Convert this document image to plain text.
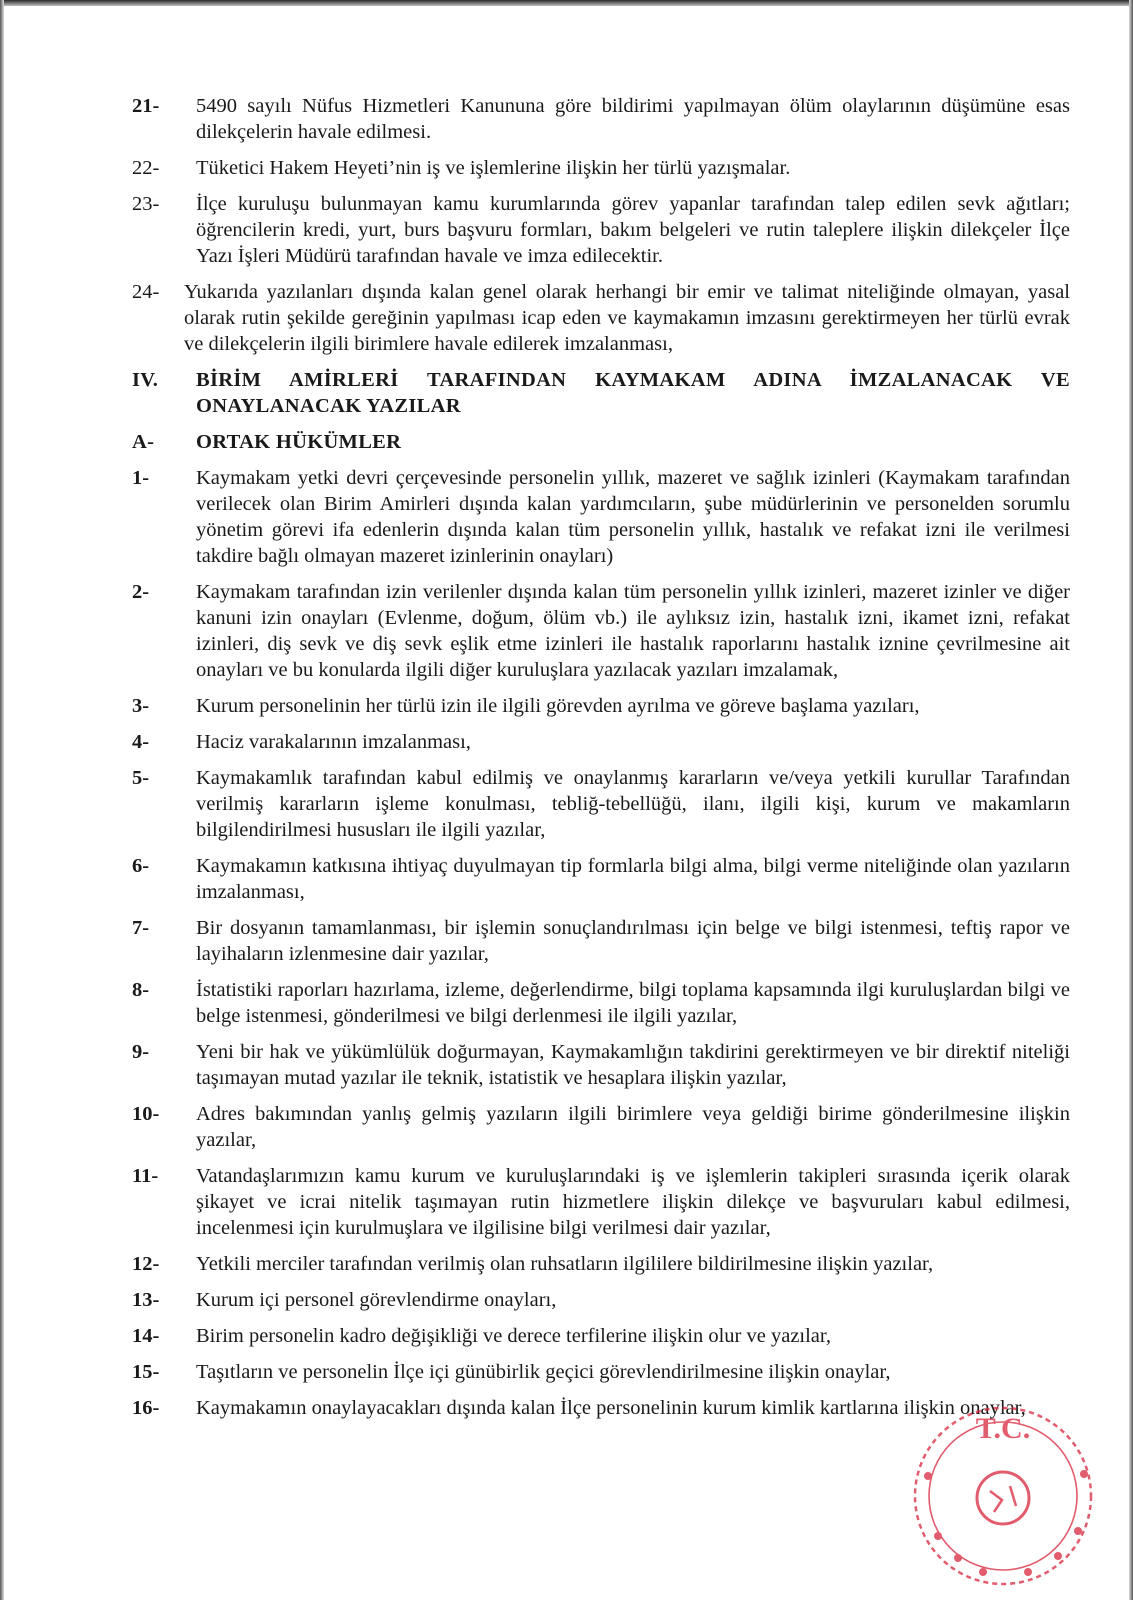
21-	5490 sayılı Nüfus Hizmetleri Kanununa göre bildirimi yapılmayan ölüm olaylarının düşümüne esas dilekçelerin havale edilmesi.
22-	Tüketici Hakem Heyeti’nin iş ve işlemlerine ilişkin her türlü yazışmalar.
23-	İlçe kuruluşu bulunmayan kamu kurumlarında görev yapanlar tarafından talep edilen sevk ağıtları; öğrencilerin kredi, yurt, burs başvuru formları, bakım belgeleri ve rutin taleplere ilişkin dilekçeler İlçe Yazı İşleri Müdürü tarafından havale ve imza edilecektir.
24-	Yukarıda yazılanları dışında kalan genel olarak herhangi bir emir ve talimat niteliğinde olmayan, yasal olarak rutin şekilde gereğinin yapılması icap eden ve kaymakamın imzasını gerektirmeyen her türlü evrak ve dilekçelerin ilgili birimlere havale edilerek imzalanması,
IV.	BİRİM AMİRLERİ TARAFINDAN KAYMAKAM ADINA İMZALANACAK VE ONAYLANACAK YAZILAR
A-	ORTAK HÜKÜMLER
1-	Kaymakam yetki devri çerçevesinde personelin yıllık, mazeret ve sağlık izinleri (Kaymakam tarafından verilecek olan Birim Amirleri dışında kalan yardımcıların, şube müdürlerinin ve personelden sorumlu yönetim görevi ifa edenlerin dışında kalan tüm personelin yıllık, hastalık ve refakat izni ile verilmesi takdire bağlı olmayan mazeret izinlerinin onayları)
2-	Kaymakam tarafından izin verilenler dışında kalan tüm personelin yıllık izinleri, mazeret izinler ve diğer kanuni izin onayları (Evlenme, doğum, ölüm vb.) ile aylıksız izin, hastalık izni, ikamet izni, refakat izinleri, diş sevk ve diş sevk eşlik etme izinleri ile hastalık raporlarını hastalık iznine çevrilmesine ait onayları ve bu konularda ilgili diğer kuruluşlara yazılacak yazıları imzalamak,
3-	Kurum personelinin her türlü izin ile ilgili görevden ayrılma ve göreve başlama yazıları,
4-	Haciz varakalarının imzalanması,
5-	Kaymakamlık tarafından kabul edilmiş ve onaylanmış kararların ve/veya yetkili kurullar Tarafından verilmiş kararların işleme konulması, tebliğ-tebellüğü, ilanı, ilgili kişi, kurum ve makamların bilgilendirilmesi hususları ile ilgili yazılar,
6-	Kaymakamın katkısına ihtiyaç duyulmayan tip formlarla bilgi alma, bilgi verme niteliğinde olan yazıların imzalanması,
7-	Bir dosyanın tamamlanması, bir işlemin sonuçlandırılması için belge ve bilgi istenmesi, teftiş rapor ve layihaların izlenmesine dair yazılar,
8-	İstatistiki raporları hazırlama, izleme, değerlendirme, bilgi toplama kapsamında ilgi kuruluşlardan bilgi ve belge istenmesi, gönderilmesi ve bilgi derlenmesi ile ilgili yazılar,
9-	Yeni bir hak ve yükümlülük doğurmayan, Kaymakamlığın takdirini gerektirmeyen ve bir direktif niteliği taşımayan mutad yazılar ile teknik, istatistik ve hesaplara ilişkin yazılar,
10-	Adres bakımından yanlış gelmiş yazıların ilgili birimlere veya geldiği birime gönderilmesine ilişkin yazılar,
11-	Vatandaşlarımızın kamu kurum ve kuruluşlarındaki iş ve işlemlerin takipleri sırasında içerik olarak şikayet ve icrai nitelik taşımayan rutin hizmetlere ilişkin dilekçe ve başvuruları kabul edilmesi, incelenmesi için kurulmuşlara ve ilgilisine bilgi verilmesi dair yazılar,
12-	Yetkili merciler tarafından verilmiş olan ruhsatların ilgililere bildirilmesine ilişkin yazılar,
13-	Kurum içi personel görevlendirme onayları,
14-	Birim personelin kadro değişikliği ve derece terfilerine ilişkin olur ve yazılar,
15-	Taşıtların ve personelin İlçe içi günübirlik geçici görevlendirilmesine ilişkin onaylar,
16-	Kaymakamın onaylayacakları dışında kalan İlçe personelinin kurum kimlik kartlarına ilişkin onaylar,
T.C.
